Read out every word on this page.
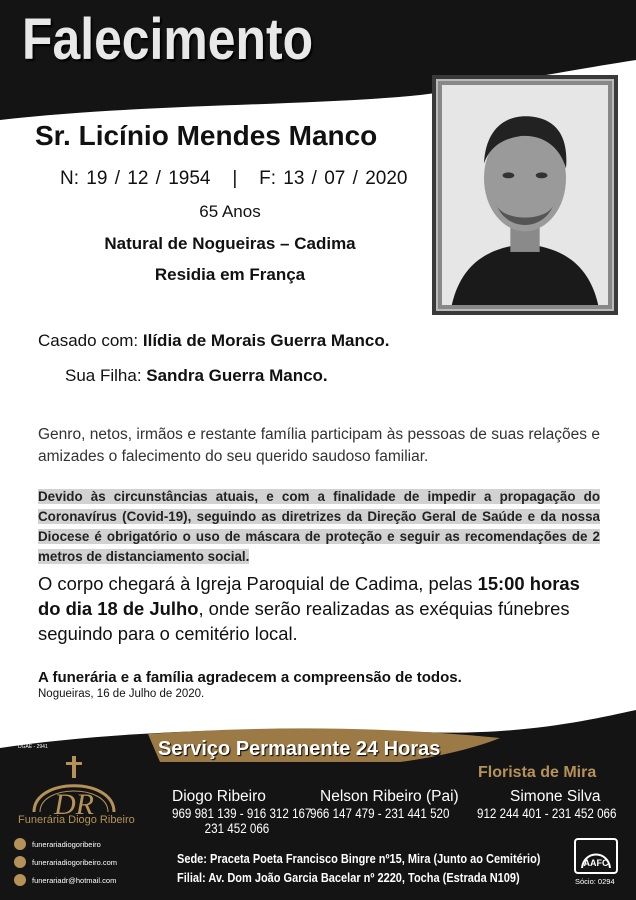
Falecimento
Sr. Licínio Mendes Manco
N: 19 / 12 / 1954   |   F: 13 / 07 / 2020
65 Anos
Natural de Nogueiras – Cadima
Residia em França
Casado com: Ilídia de Morais Guerra Manco.
Sua Filha: Sandra Guerra Manco.
Genro, netos, irmãos e restante família participam às pessoas de suas relações e amizades o falecimento do seu querido saudoso familiar.
Devido às circunstâncias atuais, e com a finalidade de impedir a propagação do Coronavírus (Covid-19), seguindo as diretrizes da Direção Geral de Saúde e da nossa Diocese é obrigatório o uso de máscara de proteção e seguir as recomendações de 2 metros de distanciamento social.
O corpo chegará à Igreja Paroquial de Cadima, pelas 15:00 horas do dia 18 de Julho, onde serão realizadas as exéquias fúnebres seguindo para o cemitério local.
A funerária e a família agradecem a compreensão de todos.
Nogueiras, 16 de Julho de 2020.
DGAE - 2941	Serviço Permanente 24 Horas
Florista de Mira
DR
Funerária Diogo Ribeiro
Diogo Ribeiro
969 981 139 - 916 312 167
231 452 066
Nelson Ribeiro (Pai)
966 147 479 - 231 441 520
Simone Silva
912 244 401 - 231 452 066
funerariadiogoribeiro
funerariadiogoribeiro.com
funerariadr@hotmail.com
Sede: Praceta Poeta Francisco Bingre nº15, Mira (Junto ao Cemitério)
Filial: Av. Dom João Garcia Bacelar nº 2220, Tocha (Estrada N109)
AAFC
Sócio: 0294
